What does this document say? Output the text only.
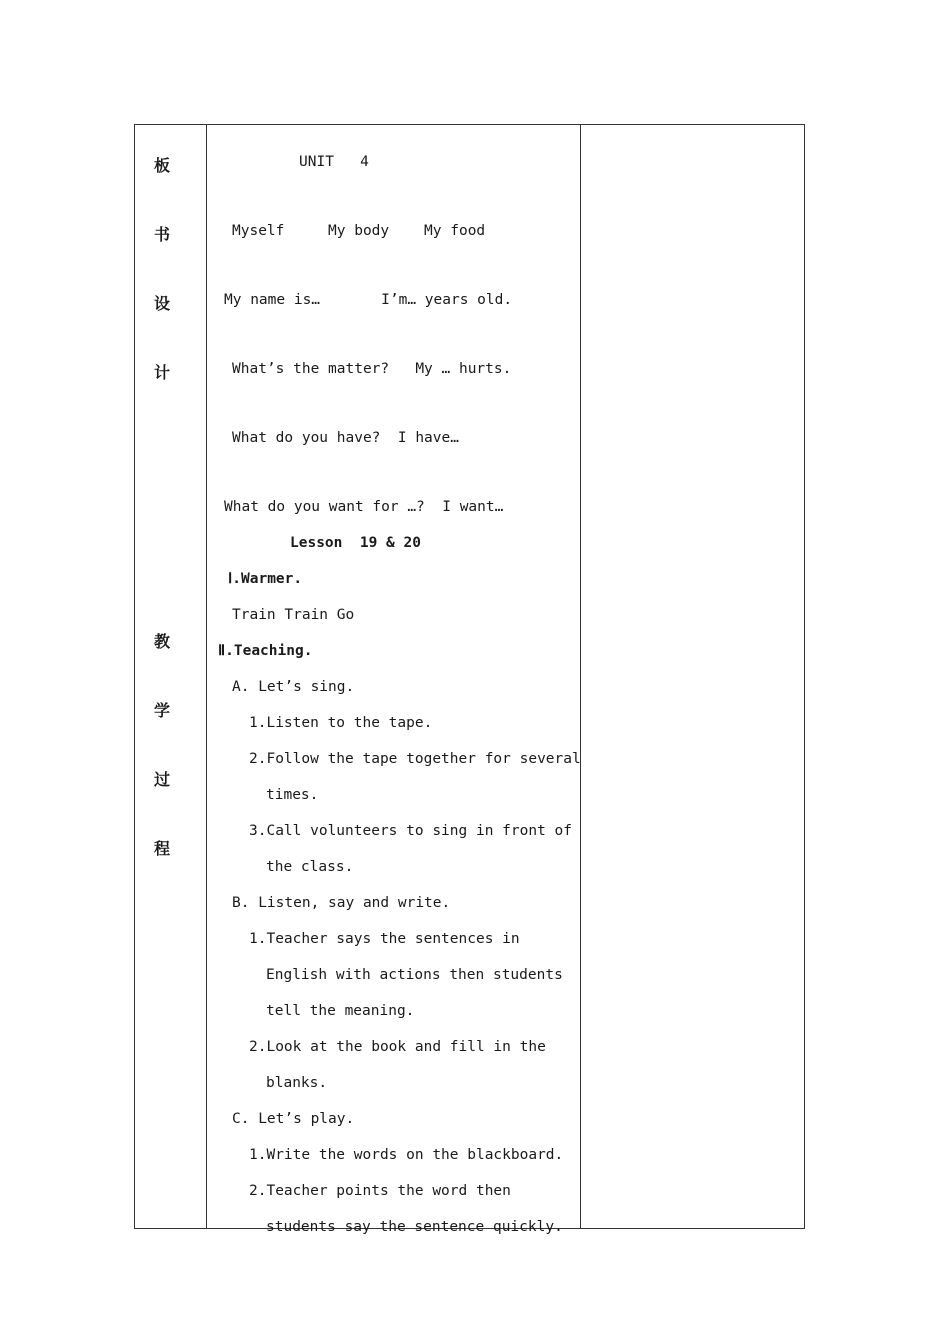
板
书
设
计
教
学
过
程
UNIT   4
Myself     My body    My food
My name is…       I’m… years old.
What’s the matter?   My … hurts.
What do you have?  I have…
What do you want for …?  I want…
Lesson  19 & 20
Ⅰ.Warmer.
Train Train Go
Ⅱ.Teaching.
A. Let’s sing.
1.Listen to the tape.
2.Follow the tape together for several
times.
3.Call volunteers to sing in front of
the class.
B. Listen, say and write.
1.Teacher says the sentences in
English with actions then students
tell the meaning.
2.Look at the book and fill in the
blanks.
C. Let’s play.
1.Write the words on the blackboard.
2.Teacher points the word then
students say the sentence quickly.
